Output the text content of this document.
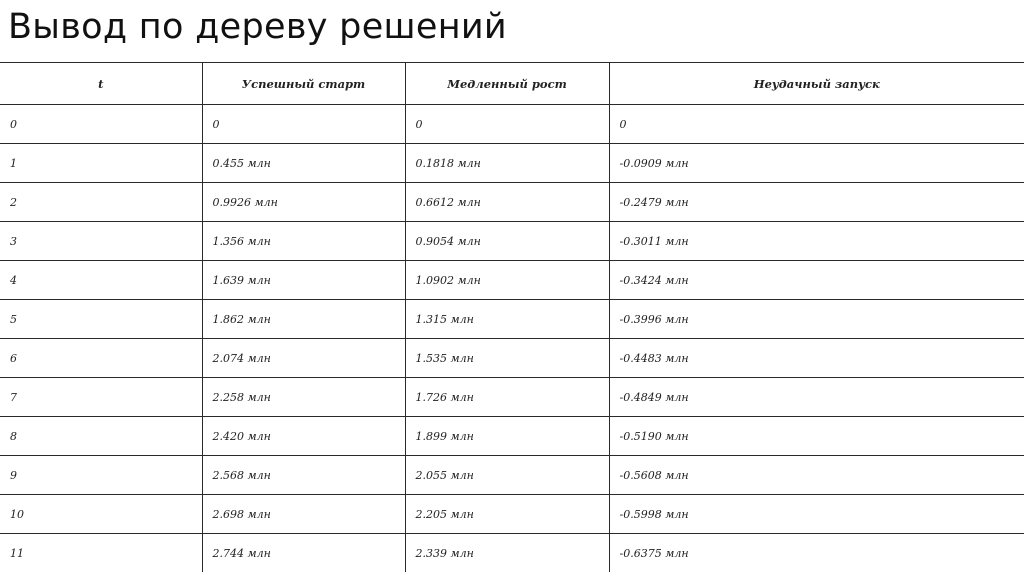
Вывод по дереву решений
t	Успешный старт	Медленный рост	Неудачный запуск
0	0	0	0
1	0.455 млн	0.1818 млн	-0.0909 млн
2	0.9926 млн	0.6612 млн	-0.2479 млн
3	1.356 млн	0.9054 млн	-0.3011 млн
4	1.639 млн	1.0902 млн	-0.3424 млн
5	1.862 млн	1.315 млн	-0.3996 млн
6	2.074 млн	1.535 млн	-0.4483 млн
7	2.258 млн	1.726 млн	-0.4849 млн
8	2.420 млн	1.899 млн	-0.5190 млн
9	2.568 млн	2.055 млн	-0.5608 млн
10	2.698 млн	2.205 млн	-0.5998 млн
11	2.744 млн	2.339 млн	-0.6375 млн
